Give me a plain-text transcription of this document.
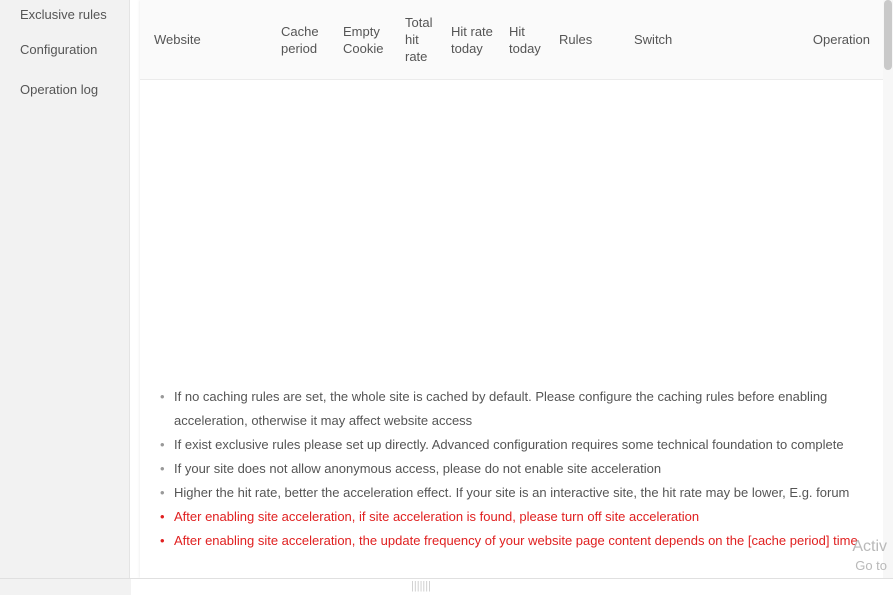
Exclusive rules
Configuration
Operation log
Website
Cache period
Empty Cookie
Total hit rate
Hit rate today
Hit today
Rules	Switch	Operation
• If no caching rules are set, the whole site is cached by default. Please configure the caching rules before enabling acceleration, otherwise it may affect website access
• If exist exclusive rules please set up directly. Advanced configuration requires some technical foundation to complete
• If your site does not allow anonymous access, please do not enable site acceleration
• Higher the hit rate, better the acceleration effect. If your site is an interactive site, the hit rate may be lower, E.g. forum
• After enabling site acceleration, if site acceleration is found, please turn off site acceleration
• After enabling site acceleration, the update frequency of your website page content depends on the [cache period] time
Activ
Go to
|||||||
